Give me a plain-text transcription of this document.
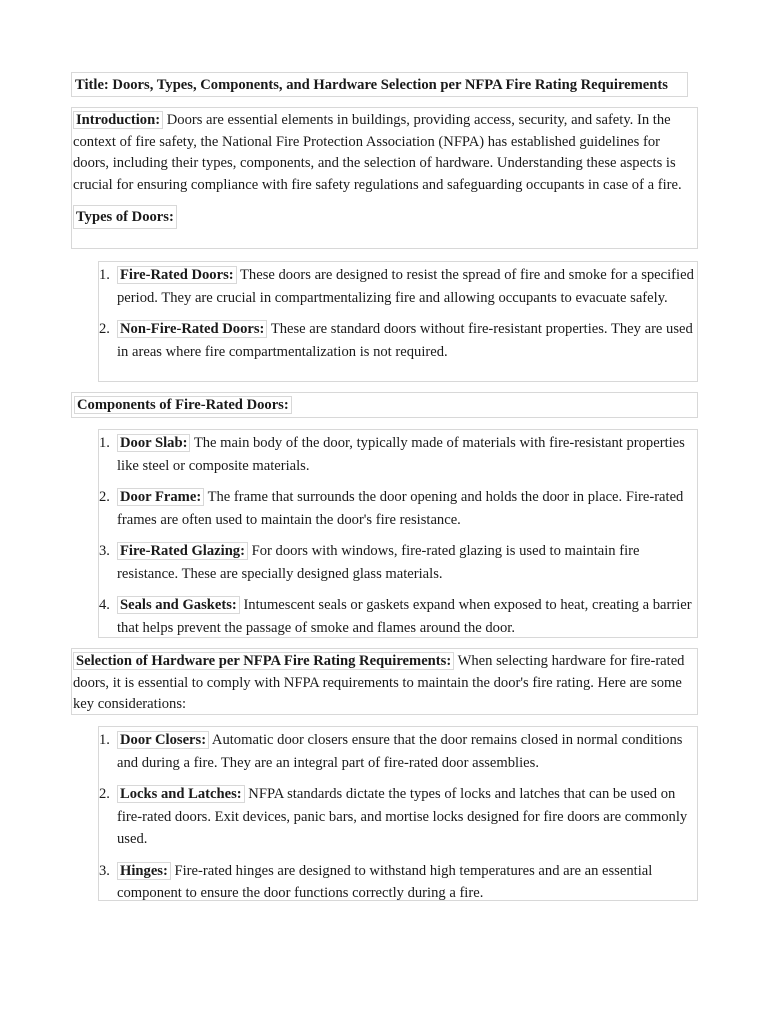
Title: Doors, Types, Components, and Hardware Selection per NFPA Fire Rating Requirements

Introduction: Doors are essential elements in buildings, providing access, security, and safety. In the context of fire safety, the National Fire Protection Association (NFPA) has established guidelines for doors, including their types, components, and the selection of hardware. Understanding these aspects is crucial for ensuring compliance with fire safety regulations and safeguarding occupants in case of a fire.

Types of Doors:
1. Fire-Rated Doors: These doors are designed to resist the spread of fire and smoke for a specified period. They are crucial in compartmentalizing fire and allowing occupants to evacuate safely.
2. Non-Fire-Rated Doors: These are standard doors without fire-resistant properties. They are used in areas where fire compartmentalization is not required.
Components of Fire-Rated Doors:
1. Door Slab: The main body of the door, typically made of materials with fire-resistant properties like steel or composite materials.
2. Door Frame: The frame that surrounds the door opening and holds the door in place. Fire-rated frames are often used to maintain the door's fire resistance.
3. Fire-Rated Glazing: For doors with windows, fire-rated glazing is used to maintain fire resistance. These are specially designed glass materials.
4. Seals and Gaskets: Intumescent seals or gaskets expand when exposed to heat, creating a barrier that helps prevent the passage of smoke and flames around the door.

Selection of Hardware per NFPA Fire Rating Requirements: When selecting hardware for fire-rated doors, it is essential to comply with NFPA requirements to maintain the door's fire rating. Here are some key considerations:

1. Door Closers: Automatic door closers ensure that the door remains closed in normal conditions and during a fire. They are an integral part of fire-rated door assemblies.
2. Locks and Latches: NFPA standards dictate the types of locks and latches that can be used on fire-rated doors. Exit devices, panic bars, and mortise locks designed for fire doors are commonly used.
3. Hinges: Fire-rated hinges are designed to withstand high temperatures and are an essential component to ensure the door functions correctly during a fire.
